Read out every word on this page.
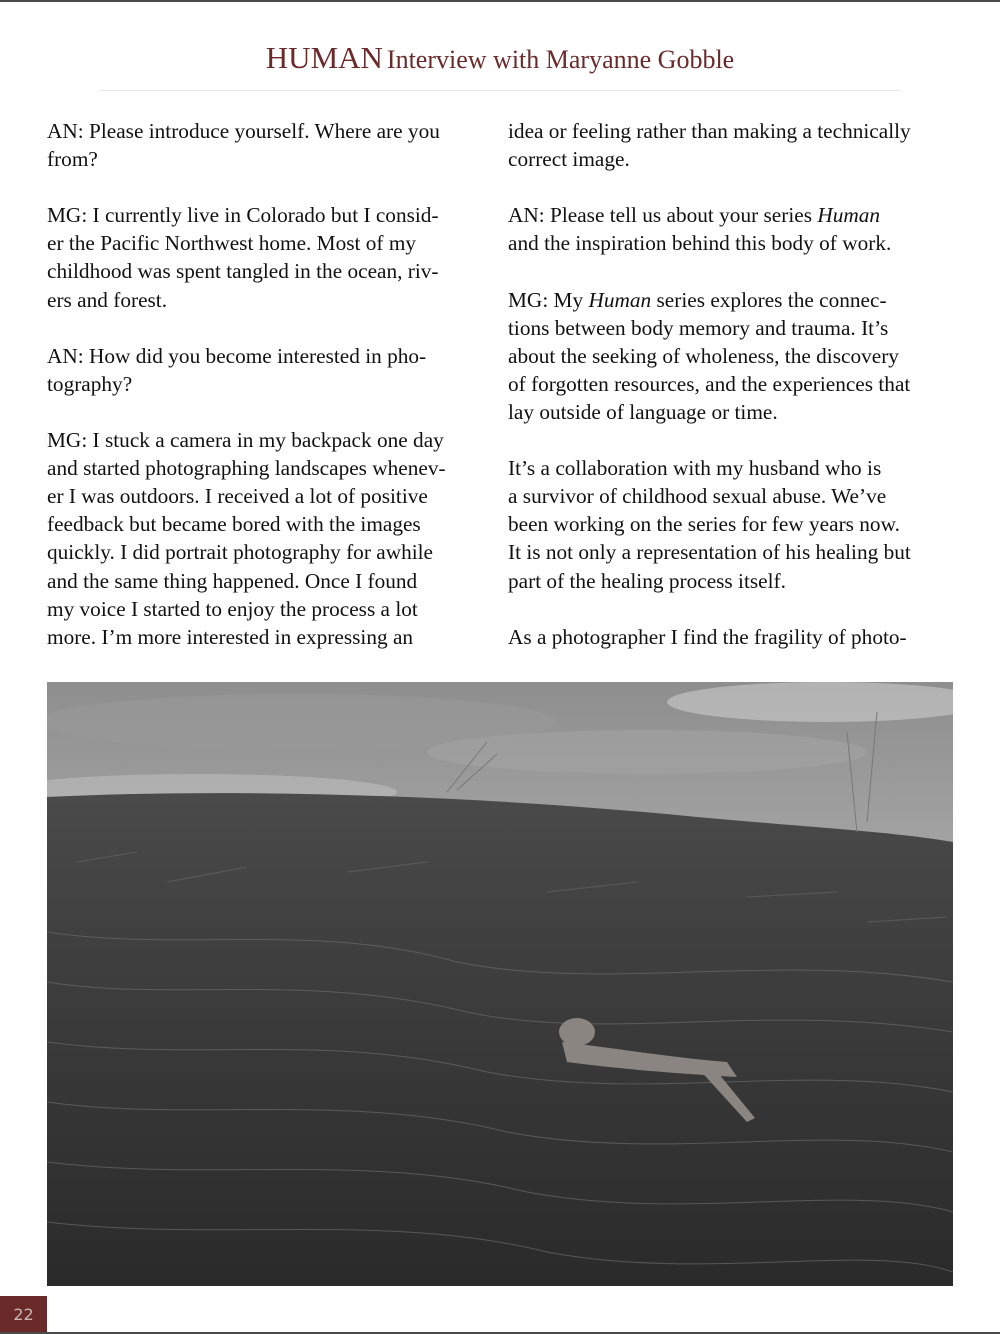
HUMAN Interview with Maryanne Gobble

AN: Please introduce yourself. Where are you
from?

MG: I currently live in Colorado but I consid-
er the Pacific Northwest home. Most of my
childhood was spent tangled in the ocean, riv-
ers and forest.

AN: How did you become interested in pho-
tography?

MG: I stuck a camera in my backpack one day
and started photographing landscapes whenev-
er I was outdoors. I received a lot of positive
feedback but became bored with the images
quickly. I did portrait photography for awhile
and the same thing happened. Once I found
my voice I started to enjoy the process a lot
more. I’m more interested in expressing an

idea or feeling rather than making a technically
correct image.

AN: Please tell us about your series Human
and the inspiration behind this body of work.

MG: My Human series explores the connec-
tions between body memory and trauma. It’s
about the seeking of wholeness, the discovery
of forgotten resources, and the experiences that
lay outside of language or time.

It’s a collaboration with my husband who is
a survivor of childhood sexual abuse. We’ve
been working on the series for few years now.
It is not only a representation of his healing but
part of the healing process itself.

As a photographer I find the fragility of photo-

22
